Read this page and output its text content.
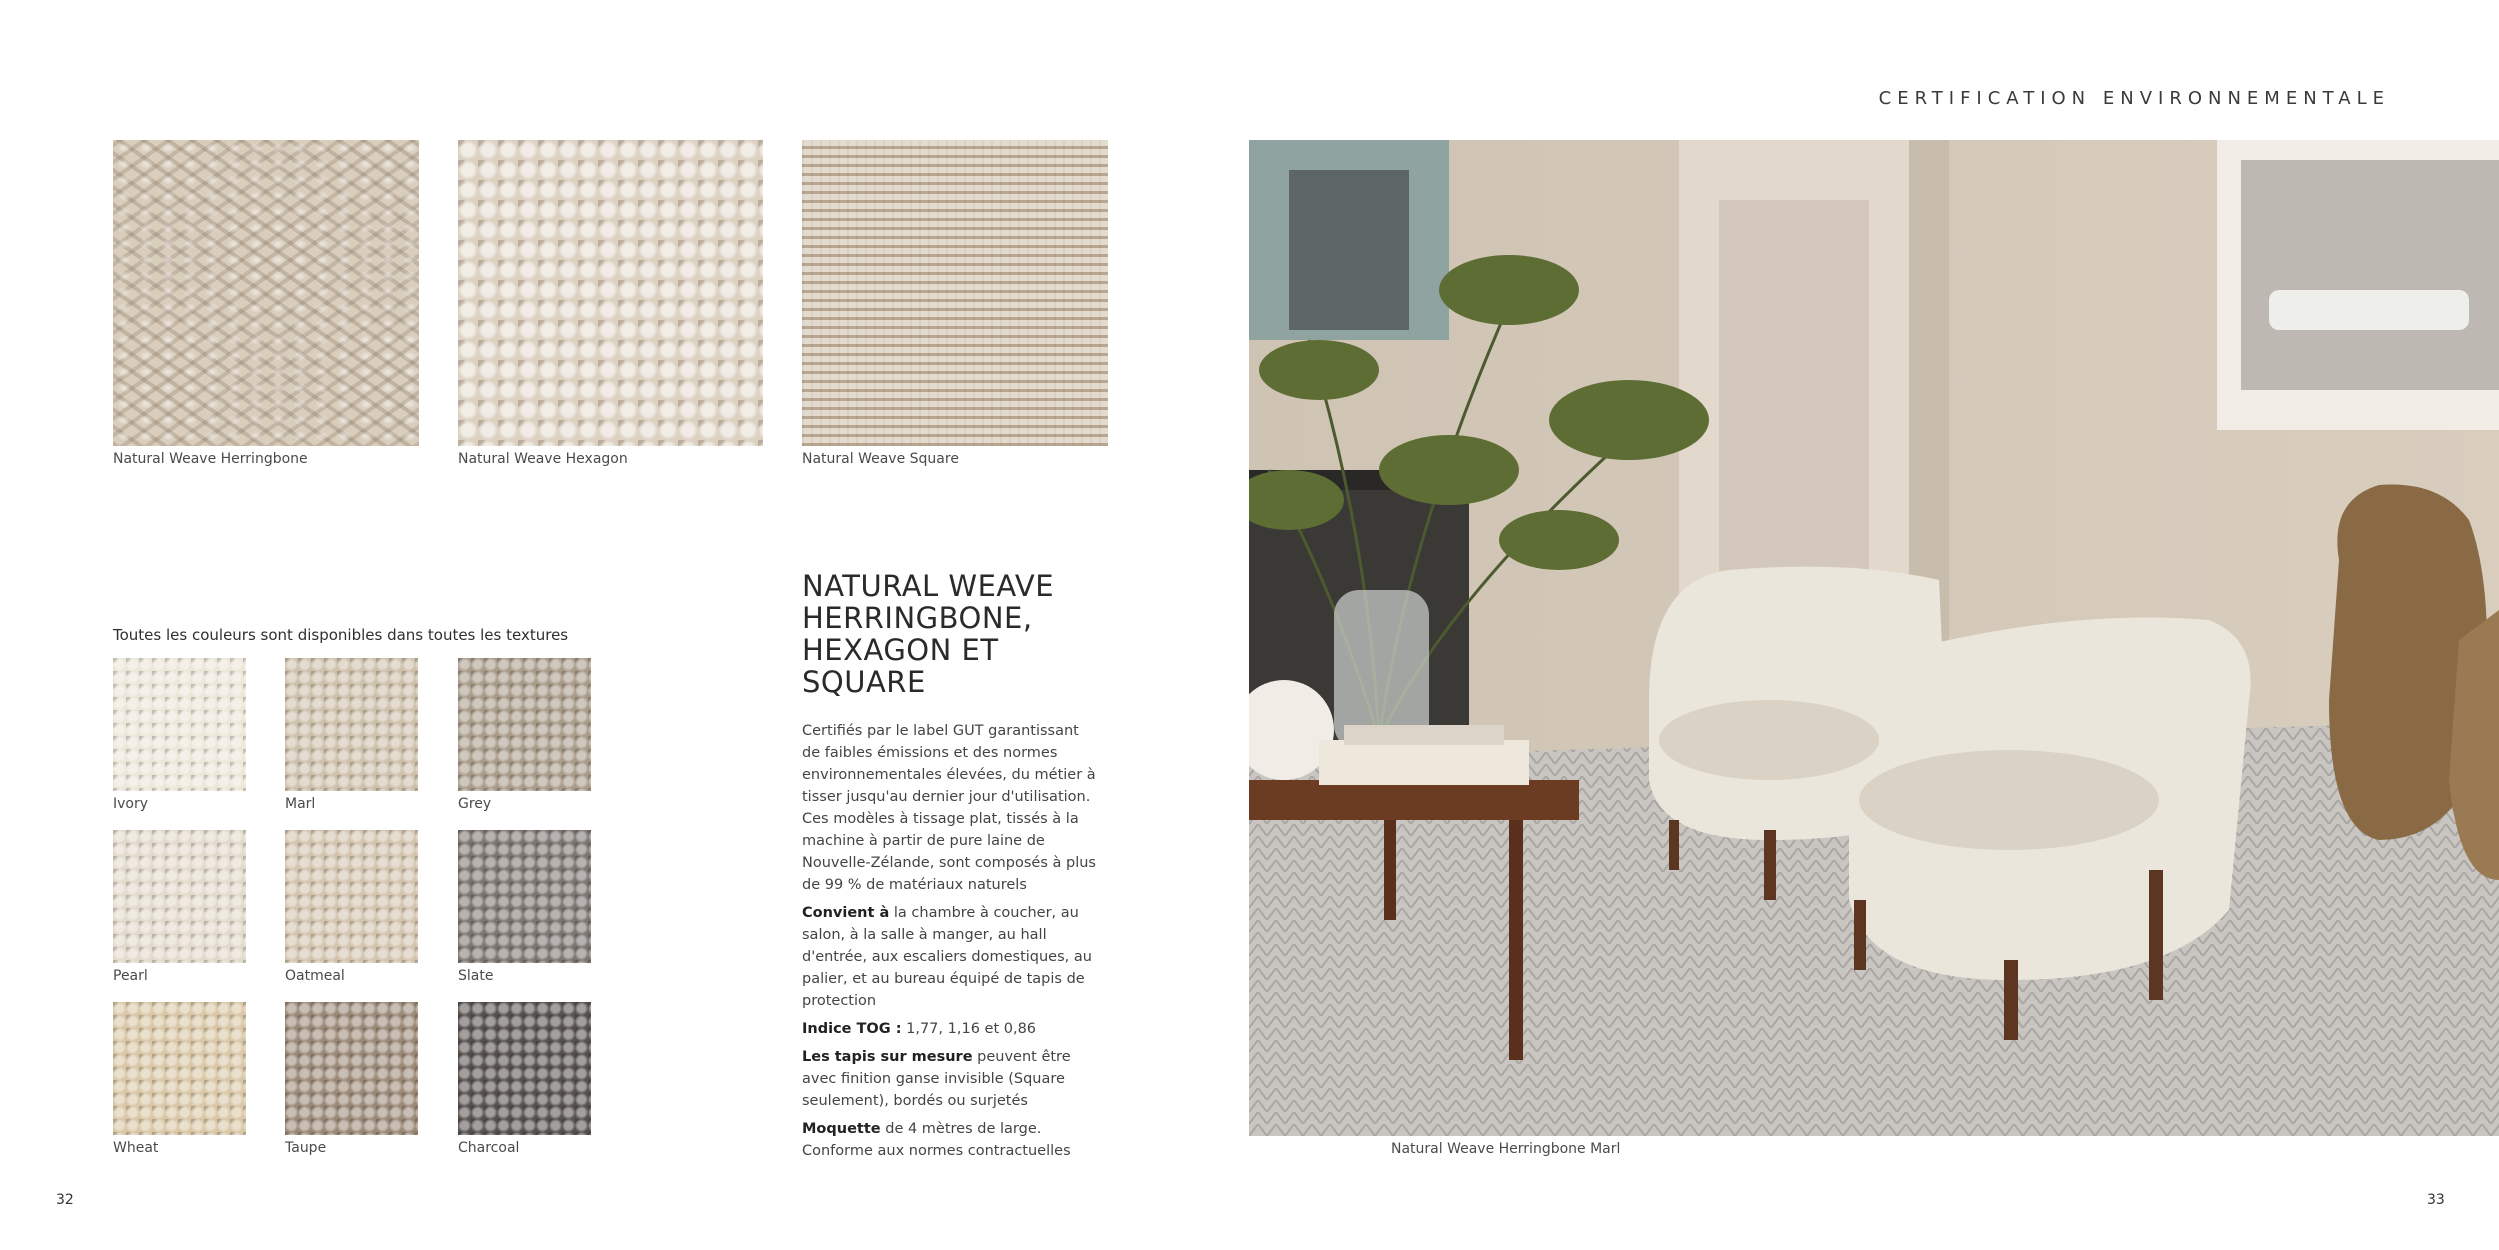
CERTIFICATION ENVIRONNEMENTALE
Natural Weave Herringbone	Natural Weave Hexagon	Natural Weave Square
Toutes les couleurs sont disponibles dans toutes les textures
Ivory	Marl	Grey
Pearl	Oatmeal	Slate
Wheat	Taupe	Charcoal
NATURAL WEAVE
HERRINGBONE,
HEXAGON ET
SQUARE

Certifiés par le label GUT garantissant de faibles émissions et des normes environnementales élevées, du métier à tisser jusqu'au dernier jour d'utilisation. Ces modèles à tissage plat, tissés à la machine à partir de pure laine de Nouvelle-Zélande, sont composés à plus de 99 % de matériaux naturels

Convient à la chambre à coucher, au salon, à la salle à manger, au hall d'entrée, aux escaliers domestiques, au palier, et au bureau équipé de tapis de protection

Indice TOG : 1,77, 1,16 et 0,86

Les tapis sur mesure peuvent être avec finition ganse invisible (Square seulement), bordés ou surjetés

Moquette de 4 mètres de large. Conforme aux normes contractuelles	Natural Weave Herringbone Marl
32	33
